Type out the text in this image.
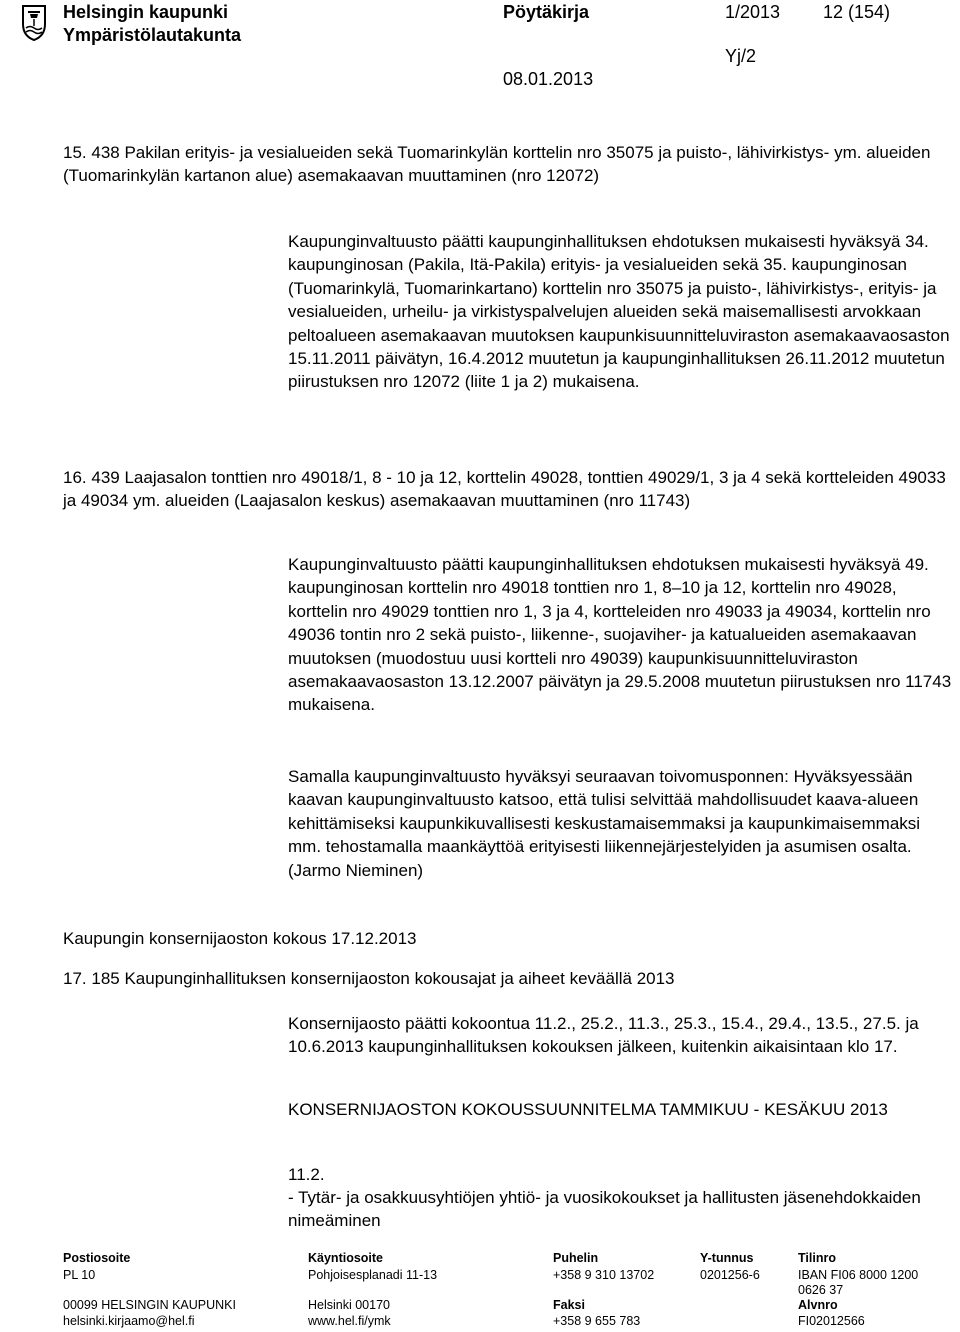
Helsingin kaupunki
Ympäristölautakunta
Pöytäkirja	1/2013 12 (154)
Yj/2
08.01.2013
15. 438 Pakilan erityis- ja vesialueiden sekä Tuomarinkylän korttelin nro 35075 ja puisto-, lähivirkistys- ym. alueiden (Tuomarinkylän kartanon alue) asemakaavan muuttaminen (nro 12072)
Kaupunginvaltuusto päätti kaupunginhallituksen ehdotuksen mukaisesti hyväksyä 34. kaupunginosan (Pakila, Itä-Pakila) erityis- ja vesialueiden sekä 35. kaupunginosan (Tuomarinkylä, Tuomarinkartano) korttelin nro 35075 ja puisto-, lähivirkistys-, erityis- ja vesialueiden, urheilu- ja virkistyspalvelujen alueiden sekä maisemallisesti arvokkaan peltoalueen asemakaavan muutoksen kaupunkisuunnitteluviraston asemakaavaosaston 15.11.2011 päivätyn, 16.4.2012 muutetun ja kaupunginhallituksen 26.11.2012 muutetun piirustuksen nro 12072 (liite 1 ja 2) mukaisena.
16. 439 Laajasalon tonttien nro 49018/1, 8 - 10 ja 12, korttelin 49028, tonttien 49029/1, 3 ja 4 sekä kortteleiden 49033 ja 49034 ym. alueiden (Laajasalon keskus) asemakaavan muuttaminen (nro 11743)
Kaupunginvaltuusto päätti kaupunginhallituksen ehdotuksen mukaisesti hyväksyä 49. kaupunginosan korttelin nro 49018 tonttien nro 1, 8–10 ja 12, korttelin nro 49028, korttelin nro 49029 tonttien nro 1, 3 ja 4, kortteleiden nro 49033 ja 49034, korttelin nro 49036 tontin nro 2 sekä puisto-, liikenne-, suojaviher- ja katualueiden asemakaavan muutoksen (muodostuu uusi kortteli nro 49039) kaupunkisuunnitteluviraston asemakaavaosaston 13.12.2007 päivätyn ja 29.5.2008 muutetun piirustuksen nro 11743 mukaisena.
Samalla kaupunginvaltuusto hyväksyi seuraavan toivomusponnen: Hyväksyessään kaavan kaupunginvaltuusto katsoo, että tulisi selvittää mahdollisuudet kaava-alueen kehittämiseksi kaupunkikuvallisesti keskustamaisemmaksi ja kaupunkimaisemmaksi mm. tehostamalla maankäyttöä erityisesti liikennejärjestelyiden ja asumisen osalta. (Jarmo Nieminen)
Kaupungin konsernijaoston kokous 17.12.2013
17. 185 Kaupunginhallituksen konsernijaoston kokousajat ja aiheet keväällä 2013
Konsernijaosto päätti kokoontua 11.2., 25.2., 11.3., 25.3., 15.4., 29.4., 13.5., 27.5. ja 10.6.2013 kaupunginhallituksen kokouksen jälkeen, kuitenkin aikaisintaan klo 17.
KONSERNIJAOSTON KOKOUSSUUNNITELMA TAMMIKUU - KESÄKUU 2013
11.2.
- Tytär- ja osakkuusyhtiöjen yhtiö- ja vuosikokoukset ja hallitusten jäsenehdokkaiden nimeäminen
Postiosoite
PL 10
00099 HELSINGIN KAUPUNKI
helsinki.kirjaamo@hel.fi
Käyntiosoite
Pohjoisesplanadi 11-13
Helsinki 00170
www.hel.fi/ymk
Puhelin
+358 9 310 13702
Faksi
+358 9 655 783
Y-tunnus
0201256-6
Tilinro
IBAN FI06 8000 1200
0626 37
Alvnro
FI02012566
